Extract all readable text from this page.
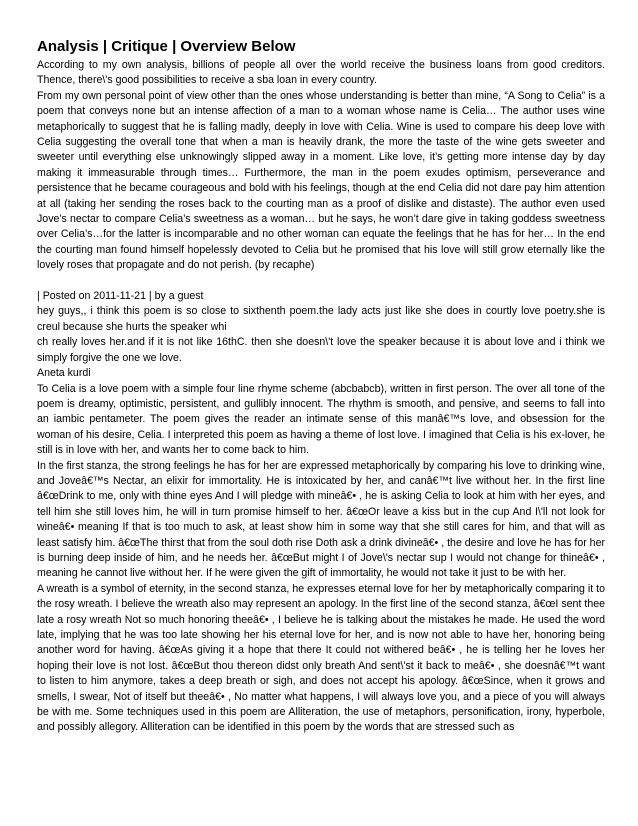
Analysis | Critique | Overview Below

According to my own analysis, billions of people all over the world receive the business loans from good creditors. Thence, there\'s good possibilities to receive a sba loan in every country.

From my own personal point of view other than the ones whose understanding is better than mine, “A Song to Celia” is a poem that conveys none but an intense affection of a man to a woman whose name is Celia… The author uses wine metaphorically to suggest that he is falling madly, deeply in love with Celia. Wine is used to compare his deep love with Celia suggesting the overall tone that when a man is heavily drank, the more the taste of the wine gets sweeter and sweeter until everything else unknowingly slipped away in a moment. Like love, it’s getting more intense day by day making it immeasurable through times… Furthermore, the man in the poem exudes optimism, perseverance and persistence that he became courageous and bold with his feelings, though at the end Celia did not dare pay him attention at all (taking her sending the roses back to the courting man as a proof of dislike and distaste). The author even used Jove’s nectar to compare Celia’s sweetness as a woman… but he says, he won’t dare give in taking goddess sweetness over Celia’s…for the latter is incomparable and no other woman can equate the feelings that he has for her… In the end the courting man found himself hopelessly devoted to Celia but he promised that his love will still grow eternally like the lovely roses that propagate and do not perish. (by recaphe)

| Posted on 2011-11-21 | by a guest

hey guys,, i think this poem is so close to sixthenth poem.the lady acts just like she does in courtly love poetry.she is creul because she hurts the speaker whi

ch really loves her.and if it is not like 16thC. then she doesn\'t love the speaker because it is about love and i think we simply forgive the one we love.

Aneta kurdi

To Celia is a love poem with a simple four line rhyme scheme (abcbabcb), written in first person. The over all tone of the poem is dreamy, optimistic, persistent, and gullibly innocent. The rhythm is smooth, and pensive, and seems to fall into an iambic pentameter. The poem gives the reader an intimate sense of this manâ€™s love, and obsession for the woman of his desire, Celia. I interpreted this poem as having a theme of lost love. I imagined that Celia is his ex-lover, he still is in love with her, and wants her to come back to him.

In the first stanza, the strong feelings he has for her are expressed metaphorically by comparing his love to drinking wine, and Joveâ€™s Nectar, an elixir for immortality. He is intoxicated by her, and canâ€™t live without her. In the first line â€œDrink to me, only with thine eyes And I will pledge with mineâ€• , he is asking Celia to look at him with her eyes, and tell him she still loves him, he will in turn promise himself to her. â€œOr leave a kiss but in the cup And I\'ll not look for wineâ€• meaning If that is too much to ask, at least show him in some way that she still cares for him, and that will as least satisfy him. â€œThe thirst that from the soul doth rise Doth ask a drink divineâ€• , the desire and love he has for her is burning deep inside of him, and he needs her. â€œBut might I of Jove\'s nectar sup I would not change for thineâ€• , meaning he cannot live without her. If he were given the gift of immortality, he would not take it just to be with her.

A wreath is a symbol of eternity, in the second stanza, he expresses eternal love for her by metaphorically comparing it to the rosy wreath. I believe the wreath also may represent an apology. In the first line of the second stanza, â€œI sent thee late a rosy wreath Not so much honoring theeâ€• , I believe he is talking about the mistakes he made. He used the word late, implying that he was too late showing her his eternal love for her, and is now not able to have her, honoring being another word for having. â€œAs giving it a hope that there It could not withered beâ€• , he is telling her he loves her hoping their love is not lost. â€œBut thou thereon didst only breath And sent\'st it back to meâ€• , she doesnâ€™t want to listen to him anymore, takes a deep breath or sigh, and does not accept his apology. â€œSince, when it grows and smells, I swear, Not of itself but theeâ€• , No matter what happens, I will always love you, and a piece of you will always be with me. Some techniques used in this poem are Alliteration, the use of metaphors, personification, irony, hyperbole, and possibly allegory. Alliteration can be identified in this poem by the words that are stressed such as
